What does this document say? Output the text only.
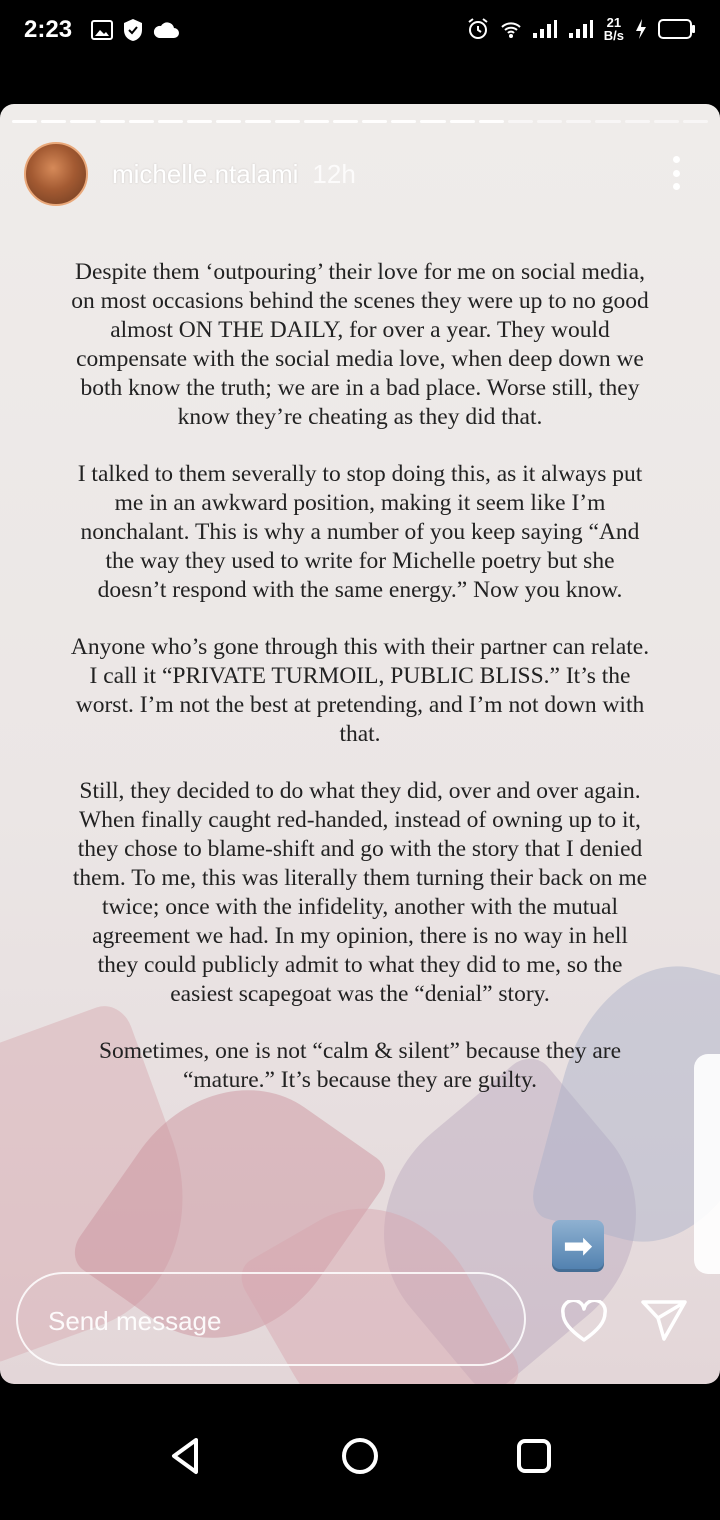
2:23	21
B/s
michelle.ntalami 12h

Despite them ‘outpouring’ their love for me on social media, on most occasions behind the scenes they were up to no good almost ON THE DAILY, for over a year. They would compensate with the social media love, when deep down we both know the truth; we are in a bad place. Worse still, they know they’re cheating as they did that.

I talked to them severally to stop doing this, as it always put me in an awkward position, making it seem like I’m nonchalant. This is why a number of you keep saying “And the way they used to write for Michelle poetry but she doesn’t respond with the same energy.” Now you know.

Anyone who’s gone through this with their partner can relate. I call it “PRIVATE TURMOIL, PUBLIC BLISS.” It’s the worst. I’m not the best at pretending, and I’m not down with that.

Still, they decided to do what they did, over and over again. When finally caught red-handed, instead of owning up to it, they chose to blame-shift and go with the story that I denied them. To me, this was literally them turning their back on me twice; once with the infidelity, another with the mutual agreement we had. In my opinion, there is no way in hell they could publicly admit to what they did to me, so the easiest scapegoat was the “denial” story.

Sometimes, one is not “calm & silent” because they are “mature.” It’s because they are guilty.

➡
Send message
